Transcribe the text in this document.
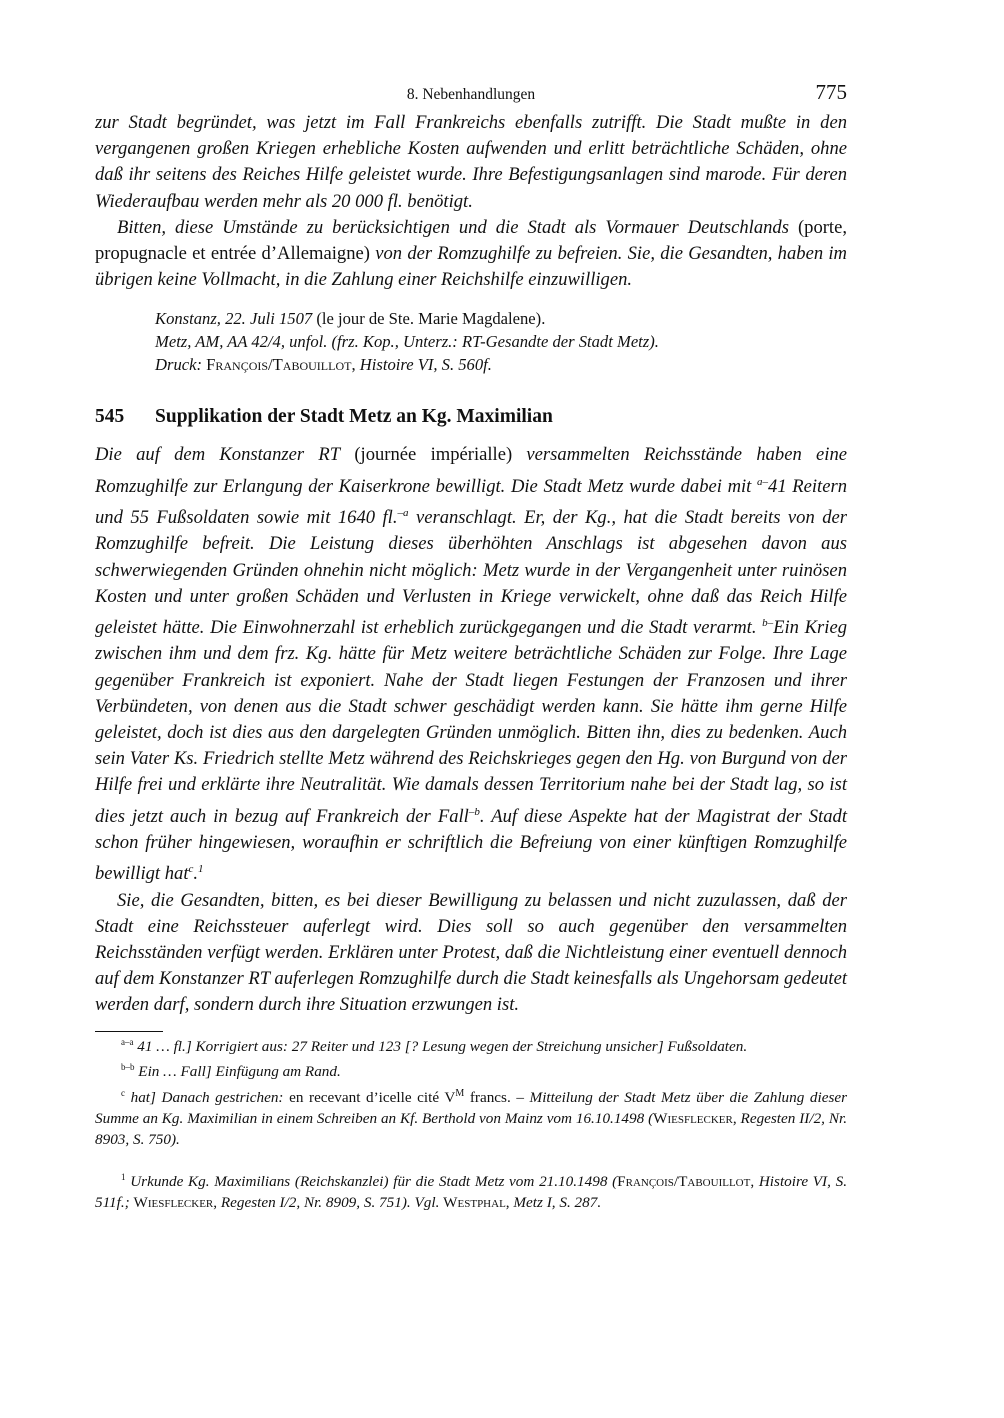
8. Nebenhandlungen	775

zur Stadt begründet, was jetzt im Fall Frankreichs ebenfalls zutrifft. Die Stadt mußte in den vergangenen großen Kriegen erhebliche Kosten aufwenden und erlitt beträchtliche Schäden, ohne daß ihr seitens des Reiches Hilfe geleistet wurde. Ihre Befestigungsanlagen sind marode. Für deren Wiederaufbau werden mehr als 20 000 fl. benötigt.

Bitten, diese Umstände zu berücksichtigen und die Stadt als Vormauer Deutschlands (porte, propugnacle et entrée d’Allemaigne) von der Romzughilfe zu befreien. Sie, die Gesandten, haben im übrigen keine Vollmacht, in die Zahlung einer Reichshilfe einzuwilligen.

Konstanz, 22. Juli 1507 (le jour de Ste. Marie Magdalene).
Metz, AM, AA 42/4, unfol. (frz. Kop., Unterz.: RT-Gesandte der Stadt Metz).
Druck: François/Tabouillot, Histoire VI, S. 560f.
545	Supplikation der Stadt Metz an Kg. Maximilian

Die auf dem Konstanzer RT (journée impérialle) versammelten Reichsstände haben eine Romzughilfe zur Erlangung der Kaiserkrone bewilligt. Die Stadt Metz wurde dabei mit $^{a-}$41 Reitern und 55 Fußsoldaten sowie mit 1640 fl.$^{-a}$ veranschlagt. Er, der Kg., hat die Stadt bereits von der Romzughilfe befreit. Die Leistung dieses überhöhten Anschlags ist abgesehen davon aus schwerwiegenden Gründen ohnehin nicht möglich: Metz wurde in der Vergangenheit unter ruinösen Kosten und unter großen Schäden und Verlusten in Kriege verwickelt, ohne daß das Reich Hilfe geleistet hätte. Die Einwohnerzahl ist erheblich zurückgegangen und die Stadt verarmt. $^{b-}$Ein Krieg zwischen ihm und dem frz. Kg. hätte für Metz weitere beträchtliche Schäden zur Folge. Ihre Lage gegenüber Frankreich ist exponiert. Nahe der Stadt liegen Festungen der Franzosen und ihrer Verbündeten, von denen aus die Stadt schwer geschädigt werden kann. Sie hätte ihm gerne Hilfe geleistet, doch ist dies aus den dargelegten Gründen unmöglich. Bitten ihn, dies zu bedenken. Auch sein Vater Ks. Friedrich stellte Metz während des Reichskrieges gegen den Hg. von Burgund von der Hilfe frei und erklärte ihre Neutralität. Wie damals dessen Territorium nahe bei der Stadt lag, so ist dies jetzt auch in bezug auf Frankreich der Fall$^{-b}$. Auf diese Aspekte hat der Magistrat der Stadt schon früher hingewiesen, woraufhin er schriftlich die Befreiung von einer künftigen Romzughilfe bewilligt hat$^c$.$^1$

Sie, die Gesandten, bitten, es bei dieser Bewilligung zu belassen und nicht zuzulassen, daß der Stadt eine Reichssteuer auferlegt wird. Dies soll so auch gegenüber den versammelten Reichsständen verfügt werden. Erklären unter Protest, daß die Nichtleistung einer eventuell dennoch auf dem Konstanzer RT auferlegen Romzughilfe durch die Stadt keinesfalls als Ungehorsam gedeutet werden darf, sondern durch ihre Situation erzwungen ist.

$^{a-a}$ 41 … fl.] Korrigiert aus: 27 Reiter und 123 [? Lesung wegen der Streichung unsicher] Fußsoldaten.

$^{b-b}$ Ein … Fall] Einfügung am Rand.

$^c$ hat] Danach gestrichen: en recevant d’icelle cité $V^M$ francs. – Mitteilung der Stadt Metz über die Zahlung dieser Summe an Kg. Maximilian in einem Schreiben an Kf. Berthold von Mainz vom 16.10.1498 (Wiesflecker, Regesten II/2, Nr. 8903, S. 750).

$^1$ Urkunde Kg. Maximilians (Reichskanzlei) für die Stadt Metz vom 21.10.1498 (François/Tabouillot, Histoire VI, S. 511f.; Wiesflecker, Regesten I/2, Nr. 8909, S. 751). Vgl. Westphal, Metz I, S. 287.
